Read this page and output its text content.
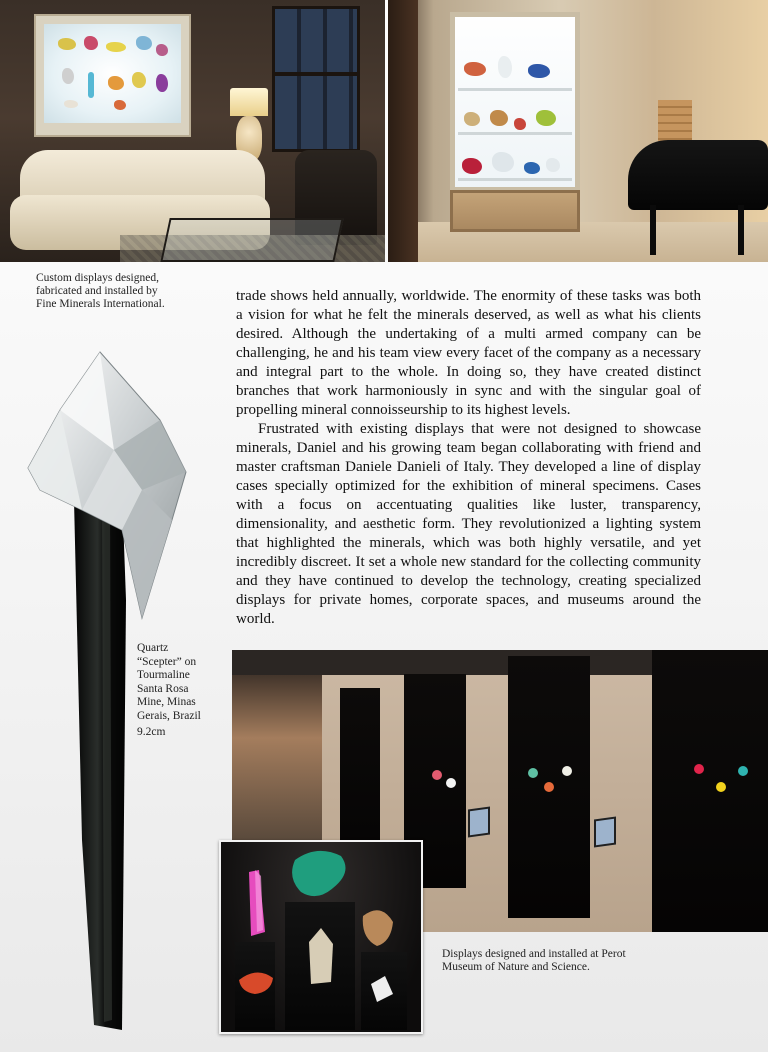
Custom displays designed,
fabricated and installed by
Fine Minerals International.	trade shows held annually, worldwide. The enormity of these tasks was both a vision for what he felt the minerals deserved, as well as what his clients desired. Although the undertaking of a multi armed company can be challenging, he and his team view every facet of the company as a necessary and integral part to the whole. In doing so, they have created distinct branches that work harmoniously in sync and with the singular goal of propelling mineral connoisseurship to its highest levels.

Frustrated with existing displays that were not designed to showcase minerals, Daniel and his growing team began collaborating with friend and master craftsman Daniele Danieli of Italy. They developed a line of display cases specially optimized for the exhibition of mineral specimens. Cases with a focus on accentuating qualities like luster, transparency, dimensionality, and aesthetic form. They revolutionized a lighting system that highlighted the minerals, which was both highly versatile, and yet incredibly discreet. It set a whole new standard for the collecting community and they have continued to develop the technology, creating specialized displays for private homes, corporate spaces, and museums around the world.

Quartz
“Scepter” on
Tourmaline
Santa Rosa
Mine, Minas
Gerais, Brazil
9.2cm
Displays designed and installed at Perot
Museum of Nature and Science.
